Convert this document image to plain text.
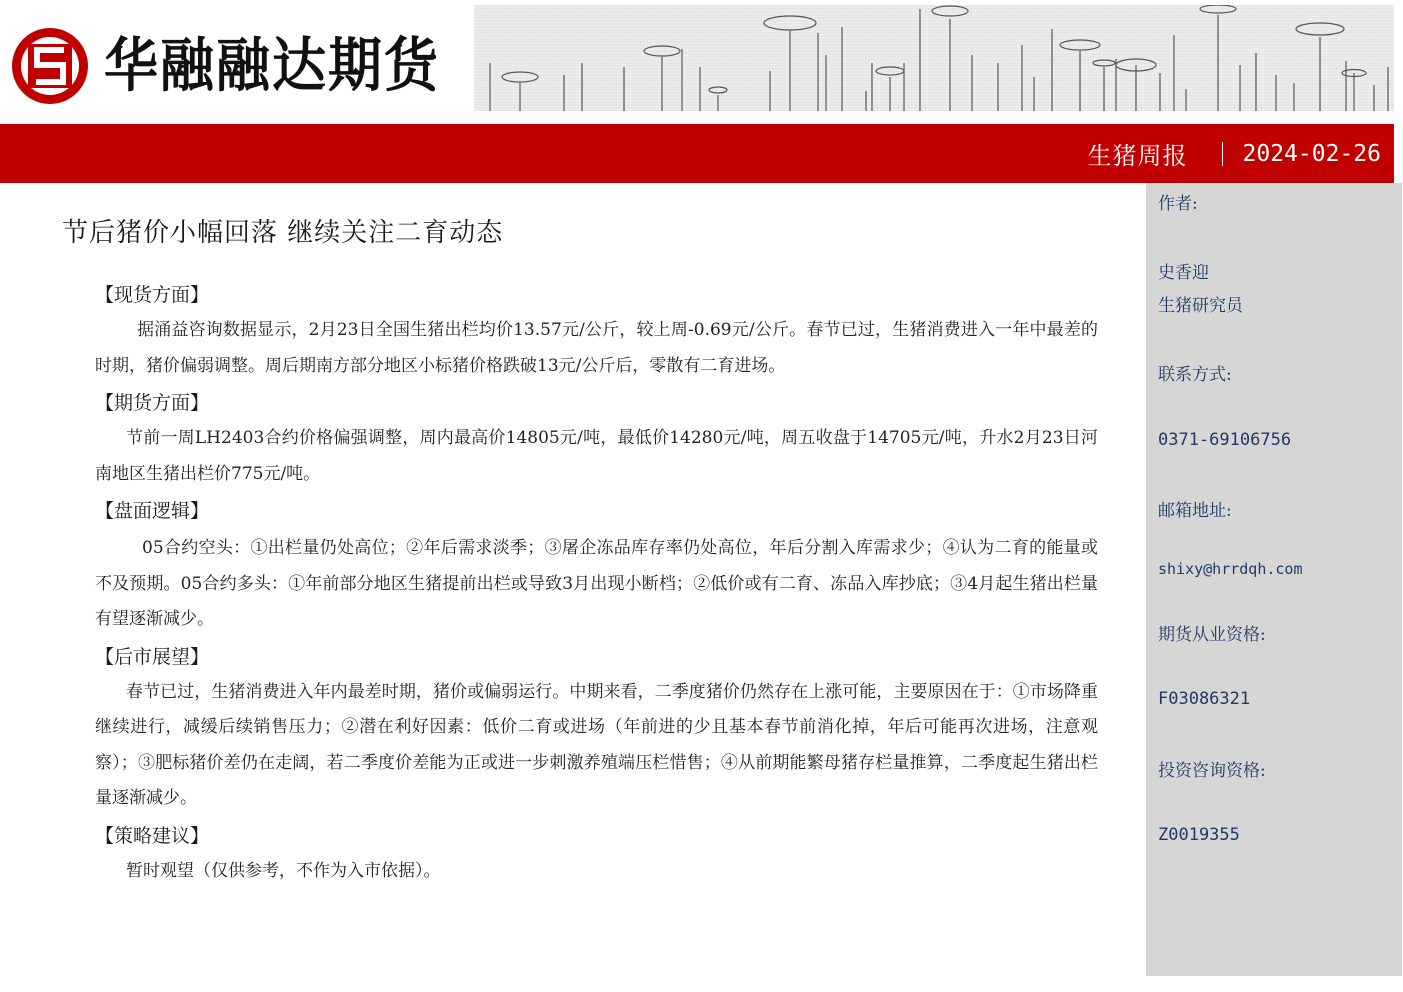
华融融达期货
生猪周报 2024-02-26
节后猪价小幅回落 继续关注二育动态

【现货方面】

据涌益咨询数据显示，2月23日全国生猪出栏均价13.57元/公斤，较上周-0.69元/公斤。春节已过，生猪消费进入一年中最差的时期，猪价偏弱调整。周后期南方部分地区小标猪价格跌破13元/公斤后，零散有二育进场。

【期货方面】

节前一周LH2403合约价格偏强调整，周内最高价14805元/吨，最低价14280元/吨，周五收盘于14705元/吨，升水2月23日河南地区生猪出栏价775元/吨。

【盘面逻辑】

05合约空头：①出栏量仍处高位；②年后需求淡季；③屠企冻品库存率仍处高位，年后分割入库需求少；④认为二育的能量或不及预期。05合约多头：①年前部分地区生猪提前出栏或导致3月出现小断档；②低价或有二育、冻品入库抄底；③4月起生猪出栏量有望逐渐减少。

【后市展望】

春节已过，生猪消费进入年内最差时期，猪价或偏弱运行。中期来看，二季度猪价仍然存在上涨可能，主要原因在于：①市场降重继续进行，减缓后续销售压力；②潜在利好因素：低价二育或进场（年前进的少且基本春节前消化掉，年后可能再次进场，注意观察）；③肥标猪价差仍在走阔，若二季度价差能为正或进一步刺激养殖端压栏惜售；④从前期能繁母猪存栏量推算，二季度起生猪出栏量逐渐减少。

【策略建议】

暂时观望（仅供参考，不作为入市依据）。

作者:
史香迎
生猪研究员
联系方式:
0371-69106756
邮箱地址:
shixy@hrrdqh.com
期货从业资格:
F03086321
投资咨询资格:
Z0019355
